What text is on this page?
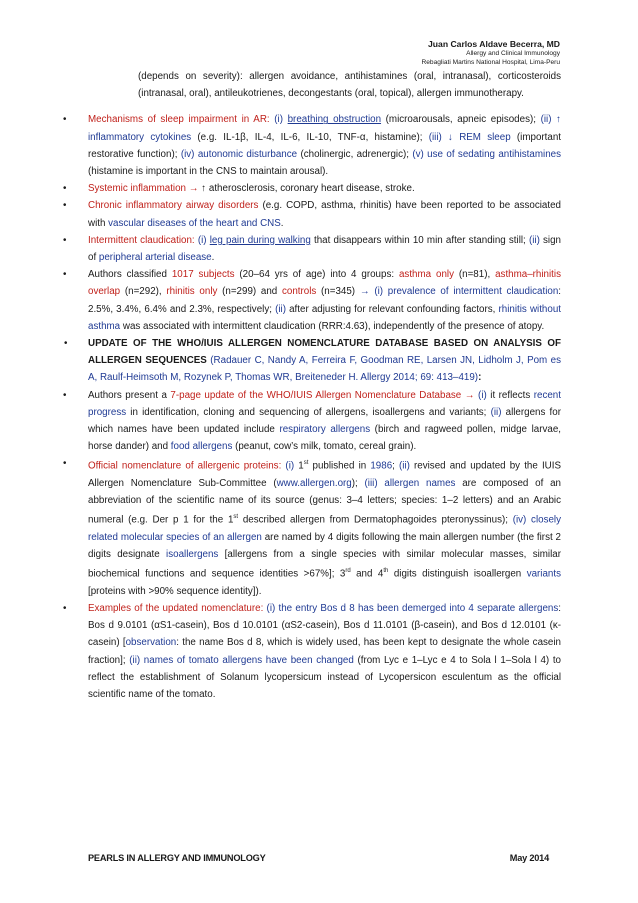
Juan Carlos Aldave Becerra, MD
Allergy and Clinical Immunology
Rebagliati Martins National Hospital, Lima-Peru

(depends on severity): allergen avoidance, antihistamines (oral, intranasal), corticosteroids (intranasal, oral), antileukotrienes, decongestants (oral, topical), allergen immunotherapy.

• Mechanisms of sleep impairment in AR: (i) breathing obstruction (microarousals, apneic episodes); (ii) ↑ inflammatory cytokines (e.g. IL-1β, IL-4, IL-6, IL-10, TNF-α, histamine); (iii) ↓ REM sleep (important restorative function); (iv) autonomic disturbance (cholinergic, adrenergic); (v) use of sedating antihistamines (histamine is important in the CNS to maintain arousal).

• Systemic inflammation → ↑ atherosclerosis, coronary heart disease, stroke.

• Chronic inflammatory airway disorders (e.g. COPD, asthma, rhinitis) have been reported to be associated with vascular diseases of the heart and CNS.

• Intermittent claudication: (i) leg pain during walking that disappears within 10 min after standing still; (ii) sign of peripheral arterial disease.

• Authors classified 1017 subjects (20–64 yrs of age) into 4 groups: asthma only (n=81), asthma–rhinitis overlap (n=292), rhinitis only (n=299) and controls (n=345) → (i) prevalence of intermittent claudication: 2.5%, 3.4%, 6.4% and 2.3%, respectively; (ii) after adjusting for relevant confounding factors, rhinitis without asthma was associated with intermittent claudication (RRR:4.63), independently of the presence of atopy.

• UPDATE OF THE WHO/IUIS ALLERGEN NOMENCLATURE DATABASE BASED ON ANALYSIS OF ALLERGEN SEQUENCES (Radauer C, Nandy A, Ferreira F, Goodman RE, Larsen JN, Lidholm J, Pom es A, Raulf-Heimsoth M, Rozynek P, Thomas WR, Breiteneder H. Allergy 2014; 69: 413–419):

• Authors present a 7-page update of the WHO/IUIS Allergen Nomenclature Database → (i) it reflects recent progress in identification, cloning and sequencing of allergens, isoallergens and variants; (ii) allergens for which names have been updated include respiratory allergens (birch and ragweed pollen, midge larvae, horse dander) and food allergens (peanut, cow’s milk, tomato, cereal grain).

• Official nomenclature of allergenic proteins: (i) 1st published in 1986; (ii) revised and updated by the IUIS Allergen Nomenclature Sub-Committee (www.allergen.org); (iii) allergen names are composed of an abbreviation of the scientific name of its source (genus: 3–4 letters; species: 1–2 letters) and an Arabic numeral (e.g. Der p 1 for the 1st described allergen from Dermatophagoides pteronyssinus); (iv) closely related molecular species of an allergen are named by 4 digits following the main allergen number (the first 2 digits designate isoallergens [allergens from a single species with similar molecular masses, similar biochemical functions and sequence identities >67%]; 3rd and 4th digits distinguish isoallergen variants [proteins with >90% sequence identity]).

• Examples of the updated nomenclature: (i) the entry Bos d 8 has been demerged into 4 separate allergens: Bos d 9.0101 (αS1-casein), Bos d 10.0101 (αS2-casein), Bos d 11.0101 (β-casein), and Bos d 12.0101 (κ-casein) [observation: the name Bos d 8, which is widely used, has been kept to designate the whole casein fraction]; (ii) names of tomato allergens have been changed (from Lyc e 1–Lyc e 4 to Sola l 1–Sola l 4) to reflect the establishment of Solanum lycopersicum instead of Lycopersicon esculentum as the official scientific name of the tomato.

PEARLS IN ALLERGY AND IMMUNOLOGY	May 2014
